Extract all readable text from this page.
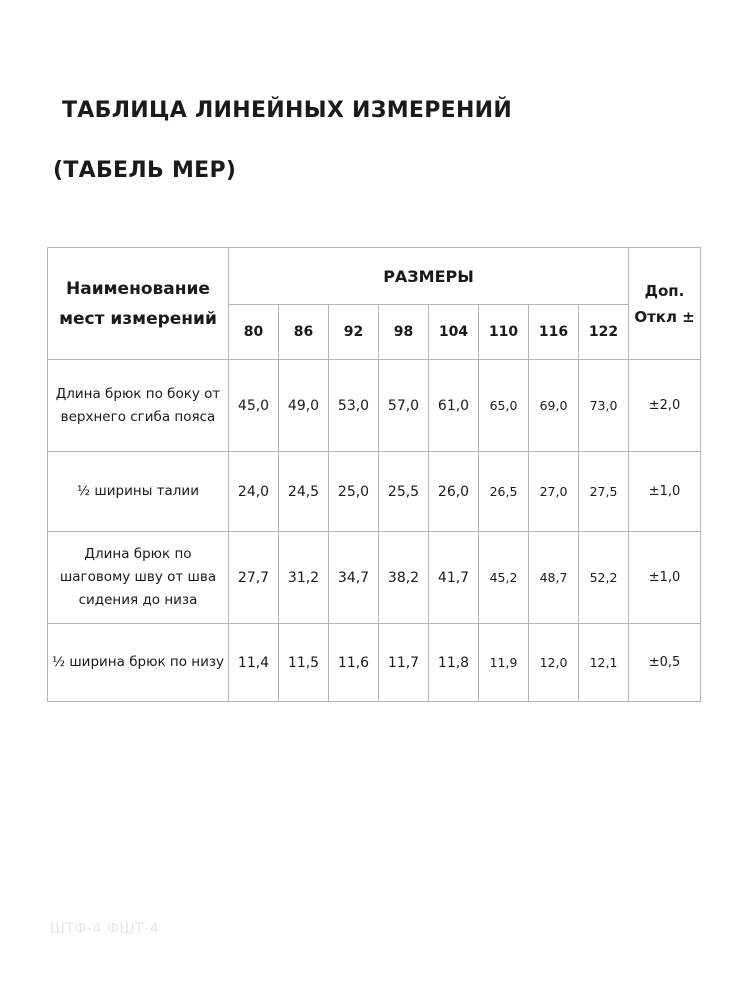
ТАБЛИЦА ЛИНЕЙНЫХ ИЗМЕРЕНИЙ
(ТАБЕЛЬ МЕР)
Наименование мест измерений	РАЗМЕРЫ								Доп. Откл ±
	80	86	92	98	104	110	116	122	
Длина брюк по боку от верхнего сгиба пояса	45,0	49,0	53,0	57,0	61,0	65,0	69,0	73,0	±2,0
½ ширины талии	24,0	24,5	25,0	25,5	26,0	26,5	27,0	27,5	±1,0
Длина брюк по шаговому шву от шва сидения до низа	27,7	31,2	34,7	38,2	41,7	45,2	48,7	52,2	±1,0
½ ширина брюк по низу	11,4	11,5	11,6	11,7	11,8	11,9	12,0	12,1	±0,5
ШТФ-4 ФШТ-4
